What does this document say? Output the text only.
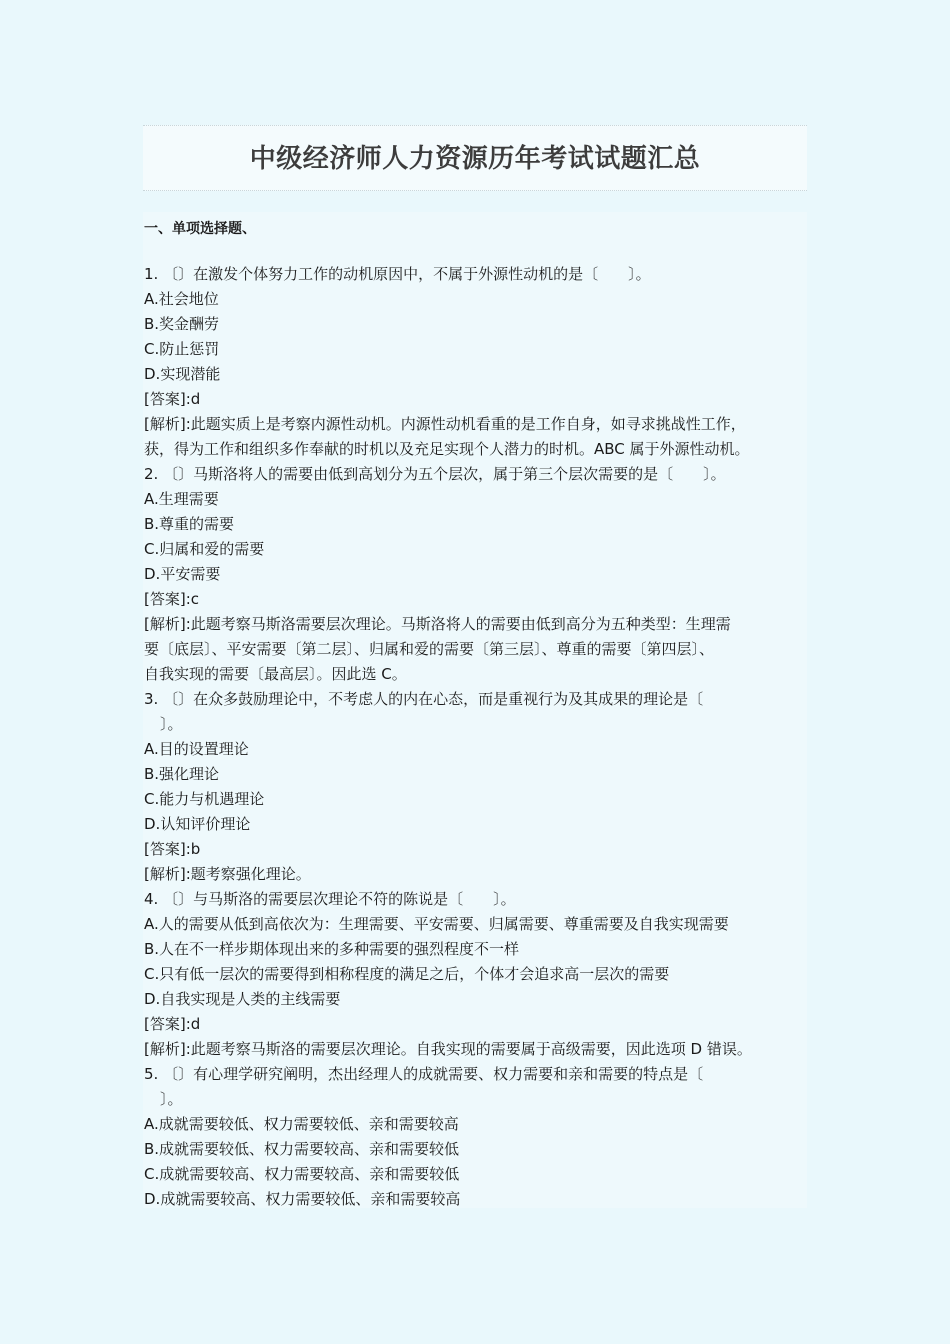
中级经济师人力资源历年考试试题汇总

一、单项选择题、

1. 〔〕在激发个体努力工作的动机原因中，不属于外源性动机的是〔　　〕。
A.社会地位
B.奖金酬劳
C.防止惩罚
D.实现潜能
[答案]:d
[解析]:此题实质上是考察内源性动机。内源性动机看重的是工作自身，如寻求挑战性工作，
获，得为工作和组织多作奉献的时机以及充足实现个人潜力的时机。ABC 属于外源性动机。
2. 〔〕马斯洛将人的需要由低到高划分为五个层次，属于第三个层次需要的是〔　　〕。
A.生理需要
B.尊重的需要
C.归属和爱的需要
D.平安需要
[答案]:c
[解析]:此题考察马斯洛需要层次理论。马斯洛将人的需要由低到高分为五种类型：生理需
要〔底层〕、平安需要〔第二层〕、归属和爱的需要〔第三层〕、尊重的需要〔第四层〕、
自我实现的需要〔最高层〕。因此选 C。
3. 〔〕在众多鼓励理论中，不考虑人的内在心态，而是重视行为及其成果的理论是〔
〕。
A.目的设置理论
B.强化理论
C.能力与机遇理论
D.认知评价理论
[答案]:b
[解析]:题考察强化理论。
4. 〔〕与马斯洛的需要层次理论不符的陈说是〔　　〕。
A.人的需要从低到高依次为：生理需要、平安需要、归属需要、尊重需要及自我实现需要
B.人在不一样步期体现出来的多种需要的强烈程度不一样
C.只有低一层次的需要得到相称程度的满足之后，个体才会追求高一层次的需要
D.自我实现是人类的主线需要
[答案]:d
[解析]:此题考察马斯洛的需要层次理论。自我实现的需要属于高级需要，因此选项 D 错误。
5. 〔〕有心理学研究阐明，杰出经理人的成就需要、权力需要和亲和需要的特点是〔
〕。
A.成就需要较低、权力需要较低、亲和需要较高
B.成就需要较低、权力需要较高、亲和需要较低
C.成就需要较高、权力需要较高、亲和需要较低
D.成就需要较高、权力需要较低、亲和需要较高
